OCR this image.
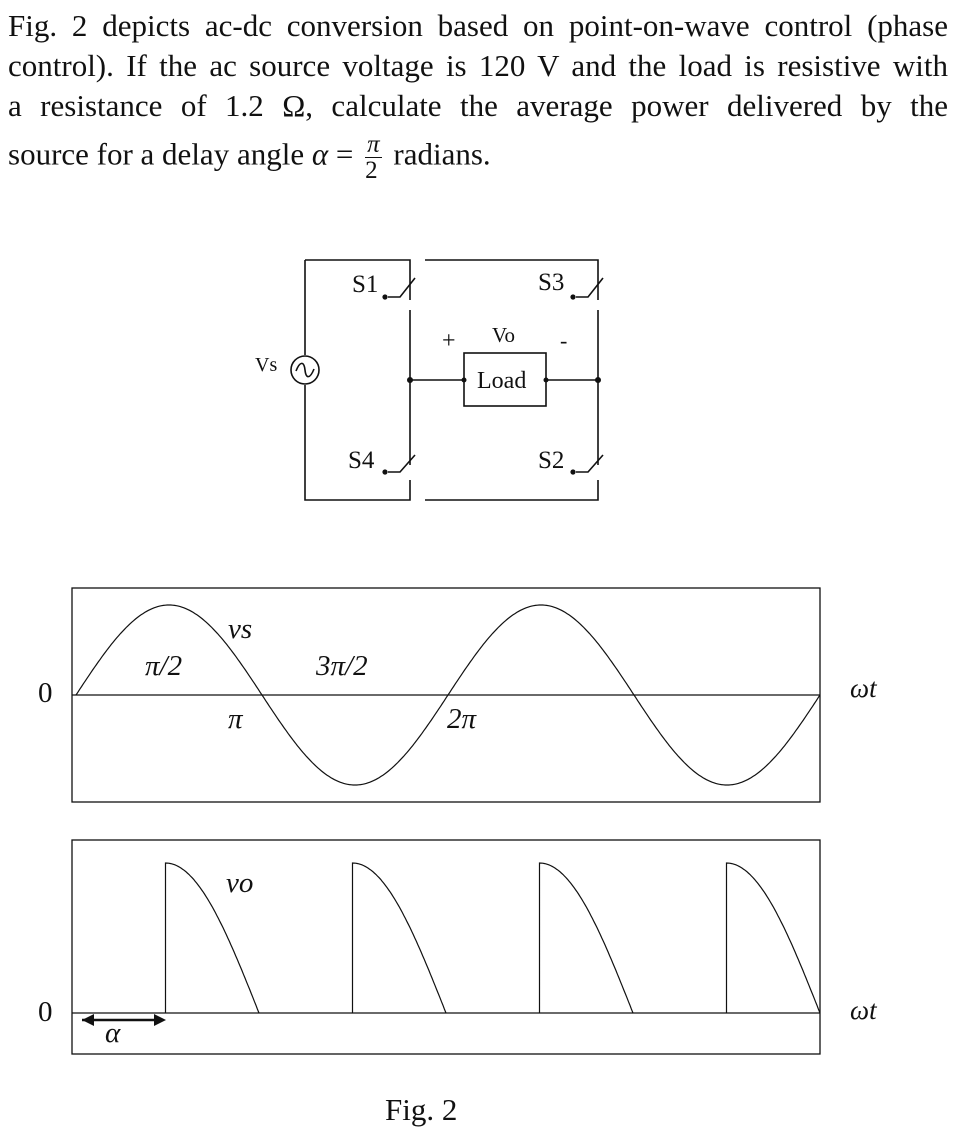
Fig. 2 depicts ac-dc conversion based on point-on-wave control (phase

control). If the ac source voltage is 120 V and the load is resistive with

a resistance of 1.2 Ω, calculate the average power delivered by the

source for a delay angle $\alpha = \frac{\pi}{2}$ radians.

Vs
S1	S3
S4	S2
+	-
Vo
Load
0	ωt
vs
π/2
π
3π/2
2π
0	ωt
vo
α
Fig. 2
